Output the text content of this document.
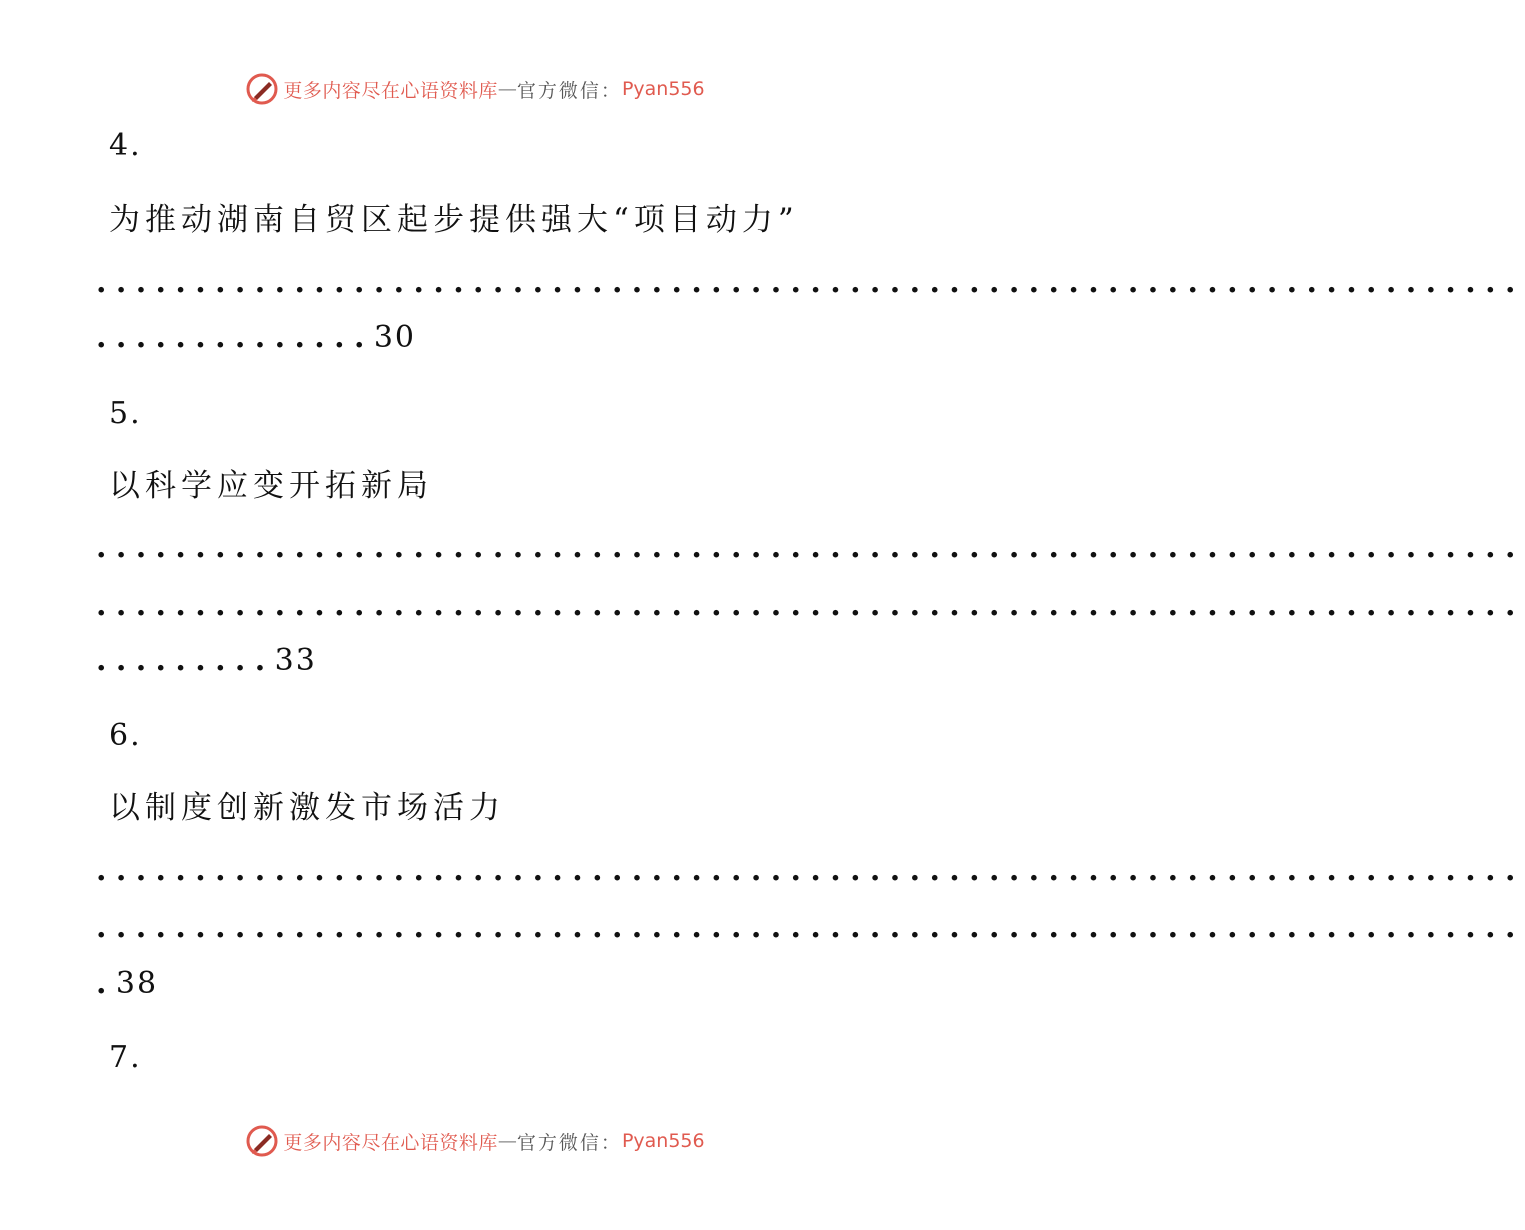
更多内容尽在心语资料库 — 官方微信： Pyan556
4.
为推动湖南自贸区起步提供强大“项目动力”
........................................................................
..............30
5.
以科学应变开拓新局
........................................................................
........................................................................
.........33
6.
以制度创新激发市场活力
........................................................................
........................................................................
.38
7.
更多内容尽在心语资料库 — 官方微信： Pyan556
